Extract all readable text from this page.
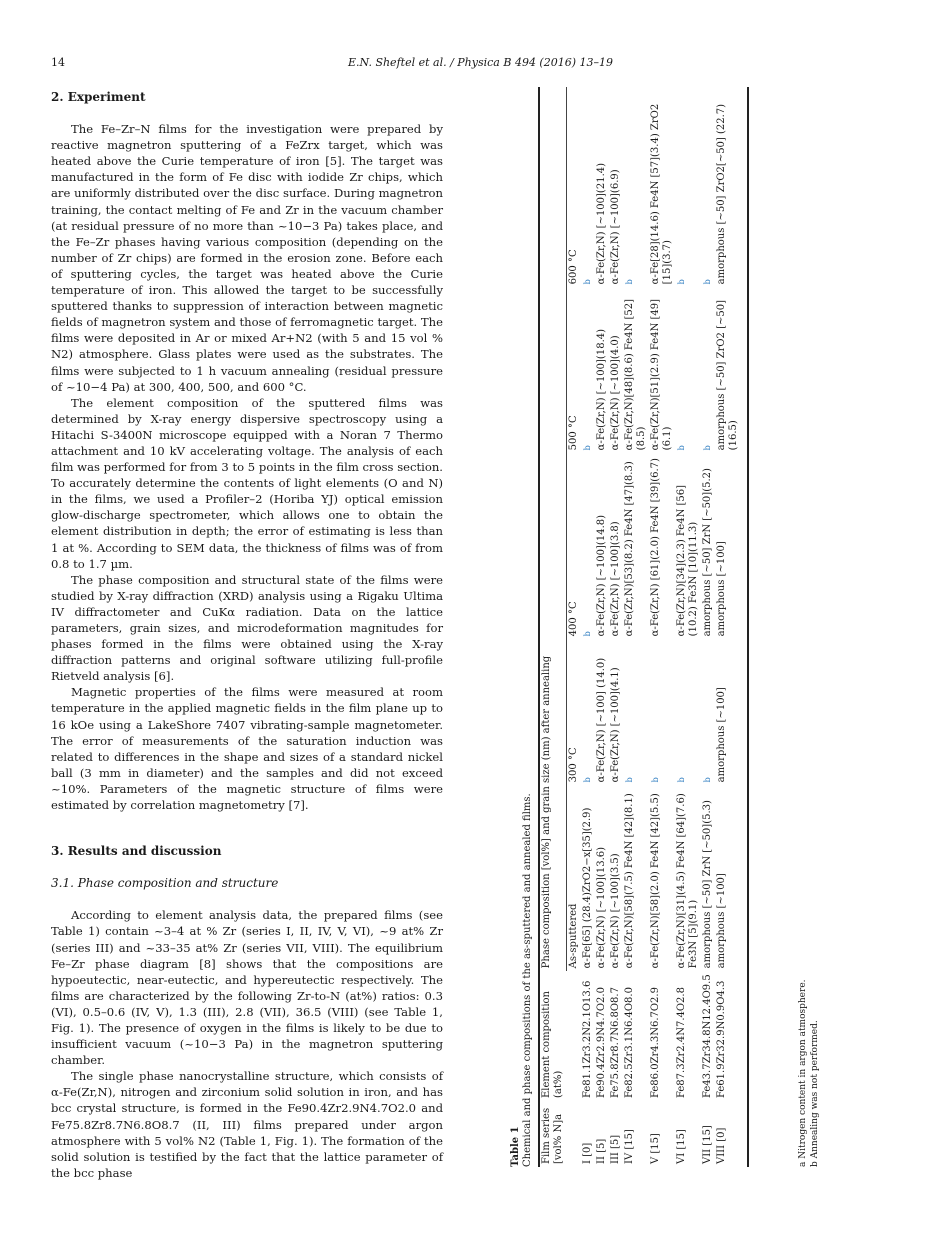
14	E.N. Sheftel et al. / Physica B 494 (2016) 13–19
2. Experiment

The Fe–Zr–N films for the investigation were prepared by reactive magnetron sputtering of a FeZrx target, which was heated above the Curie temperature of iron [5]. The target was manufactured in the form of Fe disc with iodide Zr chips, which are uniformly distributed over the disc surface. During magnetron training, the contact melting of Fe and Zr in the vacuum chamber (at residual pressure of no more than ~10−3 Pa) takes place, and the Fe–Zr phases having various composition (depending on the number of Zr chips) are formed in the erosion zone. Before each of sputtering cycles, the target was heated above the Curie temperature of iron. This allowed the target to be successfully sputtered thanks to suppression of interaction between magnetic fields of magnetron system and those of ferromagnetic target. The films were deposited in Ar or mixed Ar+N2 (with 5 and 15 vol % N2) atmosphere. Glass plates were used as the substrates. The films were subjected to 1 h vacuum annealing (residual pressure of ~10−4 Pa) at 300, 400, 500, and 600 °C.

The element composition of the sputtered films was determined by X-ray energy dispersive spectroscopy using a Hitachi S-3400N microscope equipped with a Noran 7 Thermo attachment and 10 kV accelerating voltage. The analysis of each film was performed for from 3 to 5 points in the film cross section. To accurately determine the contents of light elements (O and N) in the films, we used a Profiler–2 (Horiba YJ) optical emission glow-discharge spectrometer, which allows one to obtain the element distribution in depth; the error of estimating is less than 1 at %. According to SEM data, the thickness of films was of from 0.8 to 1.7 µm.

The phase composition and structural state of the films were studied by X-ray diffraction (XRD) analysis using a Rigaku Ultima IV diffractometer and CuKα radiation. Data on the lattice parameters, grain sizes, and microdeformation magnitudes for phases formed in the films were obtained using the X-ray diffraction patterns and original software utilizing full-profile Rietveld analysis [6].

Magnetic properties of the films were measured at room temperature in the applied magnetic fields in the film plane up to 16 kOe using a LakeShore 7407 vibrating-sample magnetometer. The error of measurements of the saturation induction was related to differences in the shape and sizes of a standard nickel ball (3 mm in diameter) and the samples and did not exceed ~10%. Parameters of the magnetic structure of films were estimated by correlation magnetometry [7].

3. Results and discussion
3.1. Phase composition and structure

According to element analysis data, the prepared films (see Table 1) contain ~3–4 at % Zr (series I, II, IV, V, VI), ~9 at% Zr (series III) and ~33–35 at% Zr (series VII, VIII). The equilibrium Fe–Zr phase diagram [8] shows that the compositions are hypoeutectic, near-eutectic, and hypereutectic respectively. The films are characterized by the following Zr-to-N (at%) ratios: 0.3 (VI), 0.5–0.6 (IV, V), 1.3 (III), 2.8 (VII), 36.5 (VIII) (see Table 1, Fig. 1). The presence of oxygen in the films is likely to be due to insufficient vacuum (~10−3 Pa) in the magnetron sputtering chamber.

The single phase nanocrystalline structure, which consists of α-Fe(Zr,N), nitrogen and zirconium solid solution in iron, and has bcc crystal structure, is formed in the Fe90.4Zr2.9N4.7O2.0 and Fe75.8Zr8.7N6.8O8.7 (II, III) films prepared under argon atmosphere with 5 vol% N2 (Table 1, Fig. 1). The formation of the solid solution is testified by the fact that the lattice parameter of the bcc phase

Table 1 Chemical and phase compositions of the as-sputtered and annealed films. Film series [vol% N]a	Element composition (at%)	Phase composition [vol%] and grain size (nm) after annealing				
		As-sputtered	300 °C	400 °C	500 °C	600 °C
I [0]	Fe81.1Zr3.2N2.1O13.6	α-Fe[65] (28.4)ZrO2−x[35](2.9)	b	b	b	b
II [5]	Fe90.4Zr2.9N4.7O2.0	α-Fe(Zr,N) [~100](13.6)	α-Fe(Zr,N) [~100] (14.0)	α-Fe(Zr,N) [~100](14.8)	α-Fe(Zr,N) [~100](18.4)	α-Fe(Zr,N) [~100](21.4)
III [5]	Fe75.8Zr8.7N6.8O8.7	α-Fe(Zr,N) [~100](3.5)	α-Fe(Zr,N) [~100](4.1)	α-Fe(Zr,N) [~100](3.8)	α-Fe(Zr,N) [~100](4.0)	α-Fe(Zr,N) [~100](6.9)
IV [15]	Fe82.5Zr3.1N6.4O8.0	α-Fe(Zr,N)[58](7.5) Fe4N [42](8.1)	b	α-Fe(Zr,N)[53](8.2) Fe4N [47](8.3)	α-Fe(Zr,N)[48](8.6) Fe4N [52] (8.5)	b
V [15]	Fe86.0Zr4.3N6.7O2.9	α-Fe(Zr,N)[58](2.0) Fe4N [42](5.5)	b	α-Fe(Zr,N) [61](2.0) Fe4N [39](6.7)	α-Fe(Zr,N)[51](2.9) Fe4N [49] (6.1)	α-Fe[28](14.6) Fe4N [57](3.4) ZrO2 [15](3.7)
VI [15]	Fe87.3Zr2.4N7.4O2.8	α-Fe(Zr,N)[31](4.5) Fe4N [64](7.6) Fe3N [5](9.1)	b	α-Fe(Zr,N)[34](2.3) Fe4N [56](10.2) Fe3N [10](11.3)	b	b
VII [15]	Fe43.7Zr34.8N12.4O9.5	amorphous [~50] ZrN [~50](5.3)	b	amorphous [~50] ZrN [~50](5.2)	b	b
VIII [0]	Fe61.9Zr32.9N0.9O4.3	amorphous [~100]	amorphous [~100]	amorphous [~100]	amorphous [~50] ZrO2 [~50](16.5)	amorphous [~50] ZrO2[~50] (22.7)
a Nitrogen content in argon atmosphere. b Annealing was not performed.
